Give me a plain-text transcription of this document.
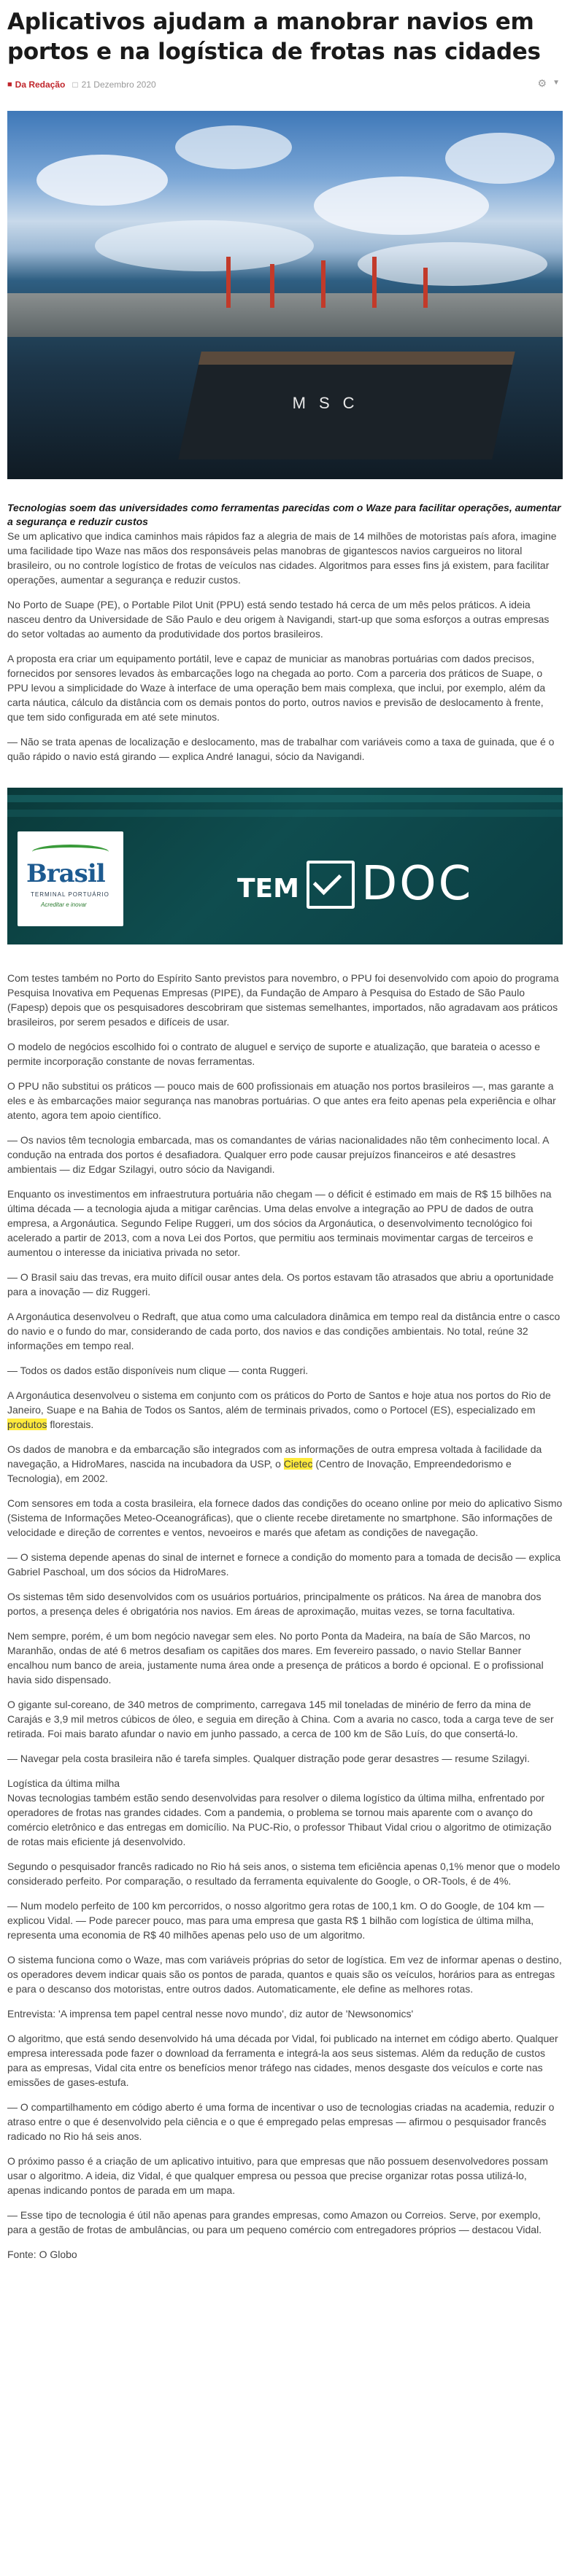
Aplicativos ajudam a manobrar navios em portos e na logística de frotas nas cidades
■ Da Redação □ 21 Dezembro 2020	⚙ ▼
MSC
Tecnologias soem das universidades como ferramentas parecidas com o Waze para facilitar operações, aumentar a segurança e reduzir custos

Se um aplicativo que indica caminhos mais rápidos faz a alegria de mais de 14 milhões de motoristas país afora, imagine uma facilidade tipo Waze nas mãos dos responsáveis pelas manobras de gigantescos navios cargueiros no litoral brasileiro, ou no controle logístico de frotas de veículos nas cidades. Algoritmos para esses fins já existem, para facilitar operações, aumentar a segurança e reduzir custos.

No Porto de Suape (PE), o Portable Pilot Unit (PPU) está sendo testado há cerca de um mês pelos práticos. A ideia nasceu dentro da Universidade de São Paulo e deu origem à Navigandi, start-up que soma esforços a outras empresas do setor voltadas ao aumento da produtividade dos portos brasileiros.

A proposta era criar um equipamento portátil, leve e capaz de municiar as manobras portuárias com dados precisos, fornecidos por sensores levados às embarcações logo na chegada ao porto. Com a parceria dos práticos de Suape, o PPU levou a simplicidade do Waze à interface de uma operação bem mais complexa, que inclui, por exemplo, além da carta náutica, cálculo da distância com os demais pontos do porto, outros navios e previsão de deslocamento à frente, que tem sido configurada em até sete minutos.

— Não se trata apenas de localização e deslocamento, mas de trabalhar com variáveis como a taxa de guinada, que é o quão rápido o navio está girando — explica André Ianagui, sócio da Navigandi.

Brasil
TERMINAL PORTUÁRIO
Acreditar e inovar
TEM DOC

Com testes também no Porto do Espírito Santo previstos para novembro, o PPU foi desenvolvido com apoio do programa Pesquisa Inovativa em Pequenas Empresas (PIPE), da Fundação de Amparo à Pesquisa do Estado de São Paulo (Fapesp) depois que os pesquisadores descobriram que sistemas semelhantes, importados, não agradavam aos práticos brasileiros, por serem pesados e difíceis de usar.

O modelo de negócios escolhido foi o contrato de aluguel e serviço de suporte e atualização, que barateia o acesso e permite incorporação constante de novas ferramentas.

O PPU não substitui os práticos — pouco mais de 600 profissionais em atuação nos portos brasileiros —, mas garante a eles e às embarcações maior segurança nas manobras portuárias. O que antes era feito apenas pela experiência e olhar atento, agora tem apoio científico.

— Os navios têm tecnologia embarcada, mas os comandantes de várias nacionalidades não têm conhecimento local. A condução na entrada dos portos é desafiadora. Qualquer erro pode causar prejuízos financeiros e até desastres ambientais — diz Edgar Szilagyi, outro sócio da Navigandi.

Enquanto os investimentos em infraestrutura portuária não chegam — o déficit é estimado em mais de R$ 15 bilhões na última década — a tecnologia ajuda a mitigar carências. Uma delas envolve a integração ao PPU de dados de outra empresa, a Argonáutica. Segundo Felipe Ruggeri, um dos sócios da Argonáutica, o desenvolvimento tecnológico foi acelerado a partir de 2013, com a nova Lei dos Portos, que permitiu aos terminais movimentar cargas de terceiros e aumentou o interesse da iniciativa privada no setor.

— O Brasil saiu das trevas, era muito difícil ousar antes dela. Os portos estavam tão atrasados que abriu a oportunidade para a inovação — diz Ruggeri.

A Argonáutica desenvolveu o Redraft, que atua como uma calculadora dinâmica em tempo real da distância entre o casco do navio e o fundo do mar, considerando de cada porto, dos navios e das condições ambientais. No total, reúne 32 informações em tempo real.

— Todos os dados estão disponíveis num clique — conta Ruggeri.

A Argonáutica desenvolveu o sistema em conjunto com os práticos do Porto de Santos e hoje atua nos portos do Rio de Janeiro, Suape e na Bahia de Todos os Santos, além de terminais privados, como o Portocel (ES), especializado em produtos florestais.

Os dados de manobra e da embarcação são integrados com as informações de outra empresa voltada à facilidade da navegação, a HidroMares, nascida na incubadora da USP, o Cietec (Centro de Inovação, Empreendedorismo e Tecnologia), em 2002.

Com sensores em toda a costa brasileira, ela fornece dados das condições do oceano online por meio do aplicativo Sismo (Sistema de Informações Meteo-Oceanográficas), que o cliente recebe diretamente no smartphone. São informações de velocidade e direção de correntes e ventos, nevoeiros e marés que afetam as condições de navegação.

— O sistema depende apenas do sinal de internet e fornece a condição do momento para a tomada de decisão — explica Gabriel Paschoal, um dos sócios da HidroMares.

Os sistemas têm sido desenvolvidos com os usuários portuários, principalmente os práticos. Na área de manobra dos portos, a presença deles é obrigatória nos navios. Em áreas de aproximação, muitas vezes, se torna facultativa.

Nem sempre, porém, é um bom negócio navegar sem eles. No porto Ponta da Madeira, na baía de São Marcos, no Maranhão, ondas de até 6 metros desafiam os capitães dos mares. Em fevereiro passado, o navio Stellar Banner encalhou num banco de areia, justamente numa área onde a presença de práticos a bordo é opcional. E o profissional havia sido dispensado.

O gigante sul-coreano, de 340 metros de comprimento, carregava 145 mil toneladas de minério de ferro da mina de Carajás e 3,9 mil metros cúbicos de óleo, e seguia em direção à China. Com a avaria no casco, toda a carga teve de ser retirada. Foi mais barato afundar o navio em junho passado, a cerca de 100 km de São Luís, do que consertá-lo.

— Navegar pela costa brasileira não é tarefa simples. Qualquer distração pode gerar desastres — resume Szilagyi.

Logística da última milha

Novas tecnologias também estão sendo desenvolvidas para resolver o dilema logístico da última milha, enfrentado por operadores de frotas nas grandes cidades. Com a pandemia, o problema se tornou mais aparente com o avanço do comércio eletrônico e das entregas em domicílio. Na PUC-Rio, o professor Thibaut Vidal criou o algoritmo de otimização de rotas mais eficiente já desenvolvido.

Segundo o pesquisador francês radicado no Rio há seis anos, o sistema tem eficiência apenas 0,1% menor que o modelo considerado perfeito. Por comparação, o resultado da ferramenta equivalente do Google, o OR-Tools, é de 4%.

— Num modelo perfeito de 100 km percorridos, o nosso algoritmo gera rotas de 100,1 km. O do Google, de 104 km — explicou Vidal. — Pode parecer pouco, mas para uma empresa que gasta R$ 1 bilhão com logística de última milha, representa uma economia de R$ 40 milhões apenas pelo uso de um algoritmo.

O sistema funciona como o Waze, mas com variáveis próprias do setor de logística. Em vez de informar apenas o destino, os operadores devem indicar quais são os pontos de parada, quantos e quais são os veículos, horários para as entregas e para o descanso dos motoristas, entre outros dados. Automaticamente, ele define as melhores rotas.

Entrevista: 'A imprensa tem papel central nesse novo mundo', diz autor de 'Newsonomics'

O algoritmo, que está sendo desenvolvido há uma década por Vidal, foi publicado na internet em código aberto. Qualquer empresa interessada pode fazer o download da ferramenta e integrá-la aos seus sistemas. Além da redução de custos para as empresas, Vidal cita entre os benefícios menor tráfego nas cidades, menos desgaste dos veículos e corte nas emissões de gases-estufa.

— O compartilhamento em código aberto é uma forma de incentivar o uso de tecnologias criadas na academia, reduzir o atraso entre o que é desenvolvido pela ciência e o que é empregado pelas empresas — afirmou o pesquisador francês radicado no Rio há seis anos.

O próximo passo é a criação de um aplicativo intuitivo, para que empresas que não possuem desenvolvedores possam usar o algoritmo. A ideia, diz Vidal, é que qualquer empresa ou pessoa que precise organizar rotas possa utilizá-lo, apenas indicando pontos de parada em um mapa.

— Esse tipo de tecnologia é útil não apenas para grandes empresas, como Amazon ou Correios. Serve, por exemplo, para a gestão de frotas de ambulâncias, ou para um pequeno comércio com entregadores próprios — destacou Vidal.

Fonte: O Globo
